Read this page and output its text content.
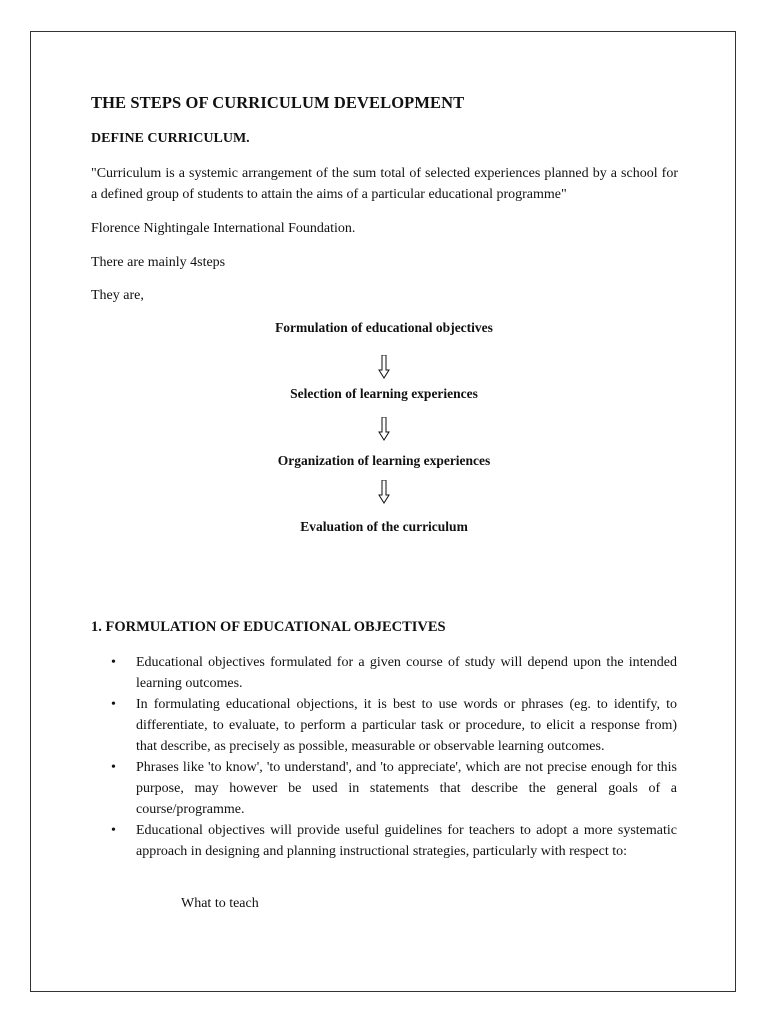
THE STEPS OF CURRICULUM DEVELOPMENT
DEFINE CURRICULUM.
"Curriculum is a systemic arrangement of the sum total of selected experiences planned by a school for a defined group of students to attain the aims of a particular educational programme"
Florence Nightingale International Foundation.
There are mainly 4steps
They are,
Formulation of educational objectives
Selection of learning experiences
Organization of learning experiences
Evaluation of the curriculum
1. FORMULATION OF EDUCATIONAL OBJECTIVES
• Educational objectives formulated for a given course of study will depend upon the intended learning outcomes.
• In formulating educational objections, it is best to use words or phrases (eg. to identify, to differentiate, to evaluate, to perform a particular task or procedure, to elicit a response from) that describe, as precisely as possible, measurable or observable learning outcomes.
• Phrases like 'to know', 'to understand', and 'to appreciate', which are not precise enough for this purpose, may however be used in statements that describe the general goals of a course/programme.
• Educational objectives will provide useful guidelines for teachers to adopt a more systematic approach in designing and planning instructional strategies, particularly with respect to:
What to teach
